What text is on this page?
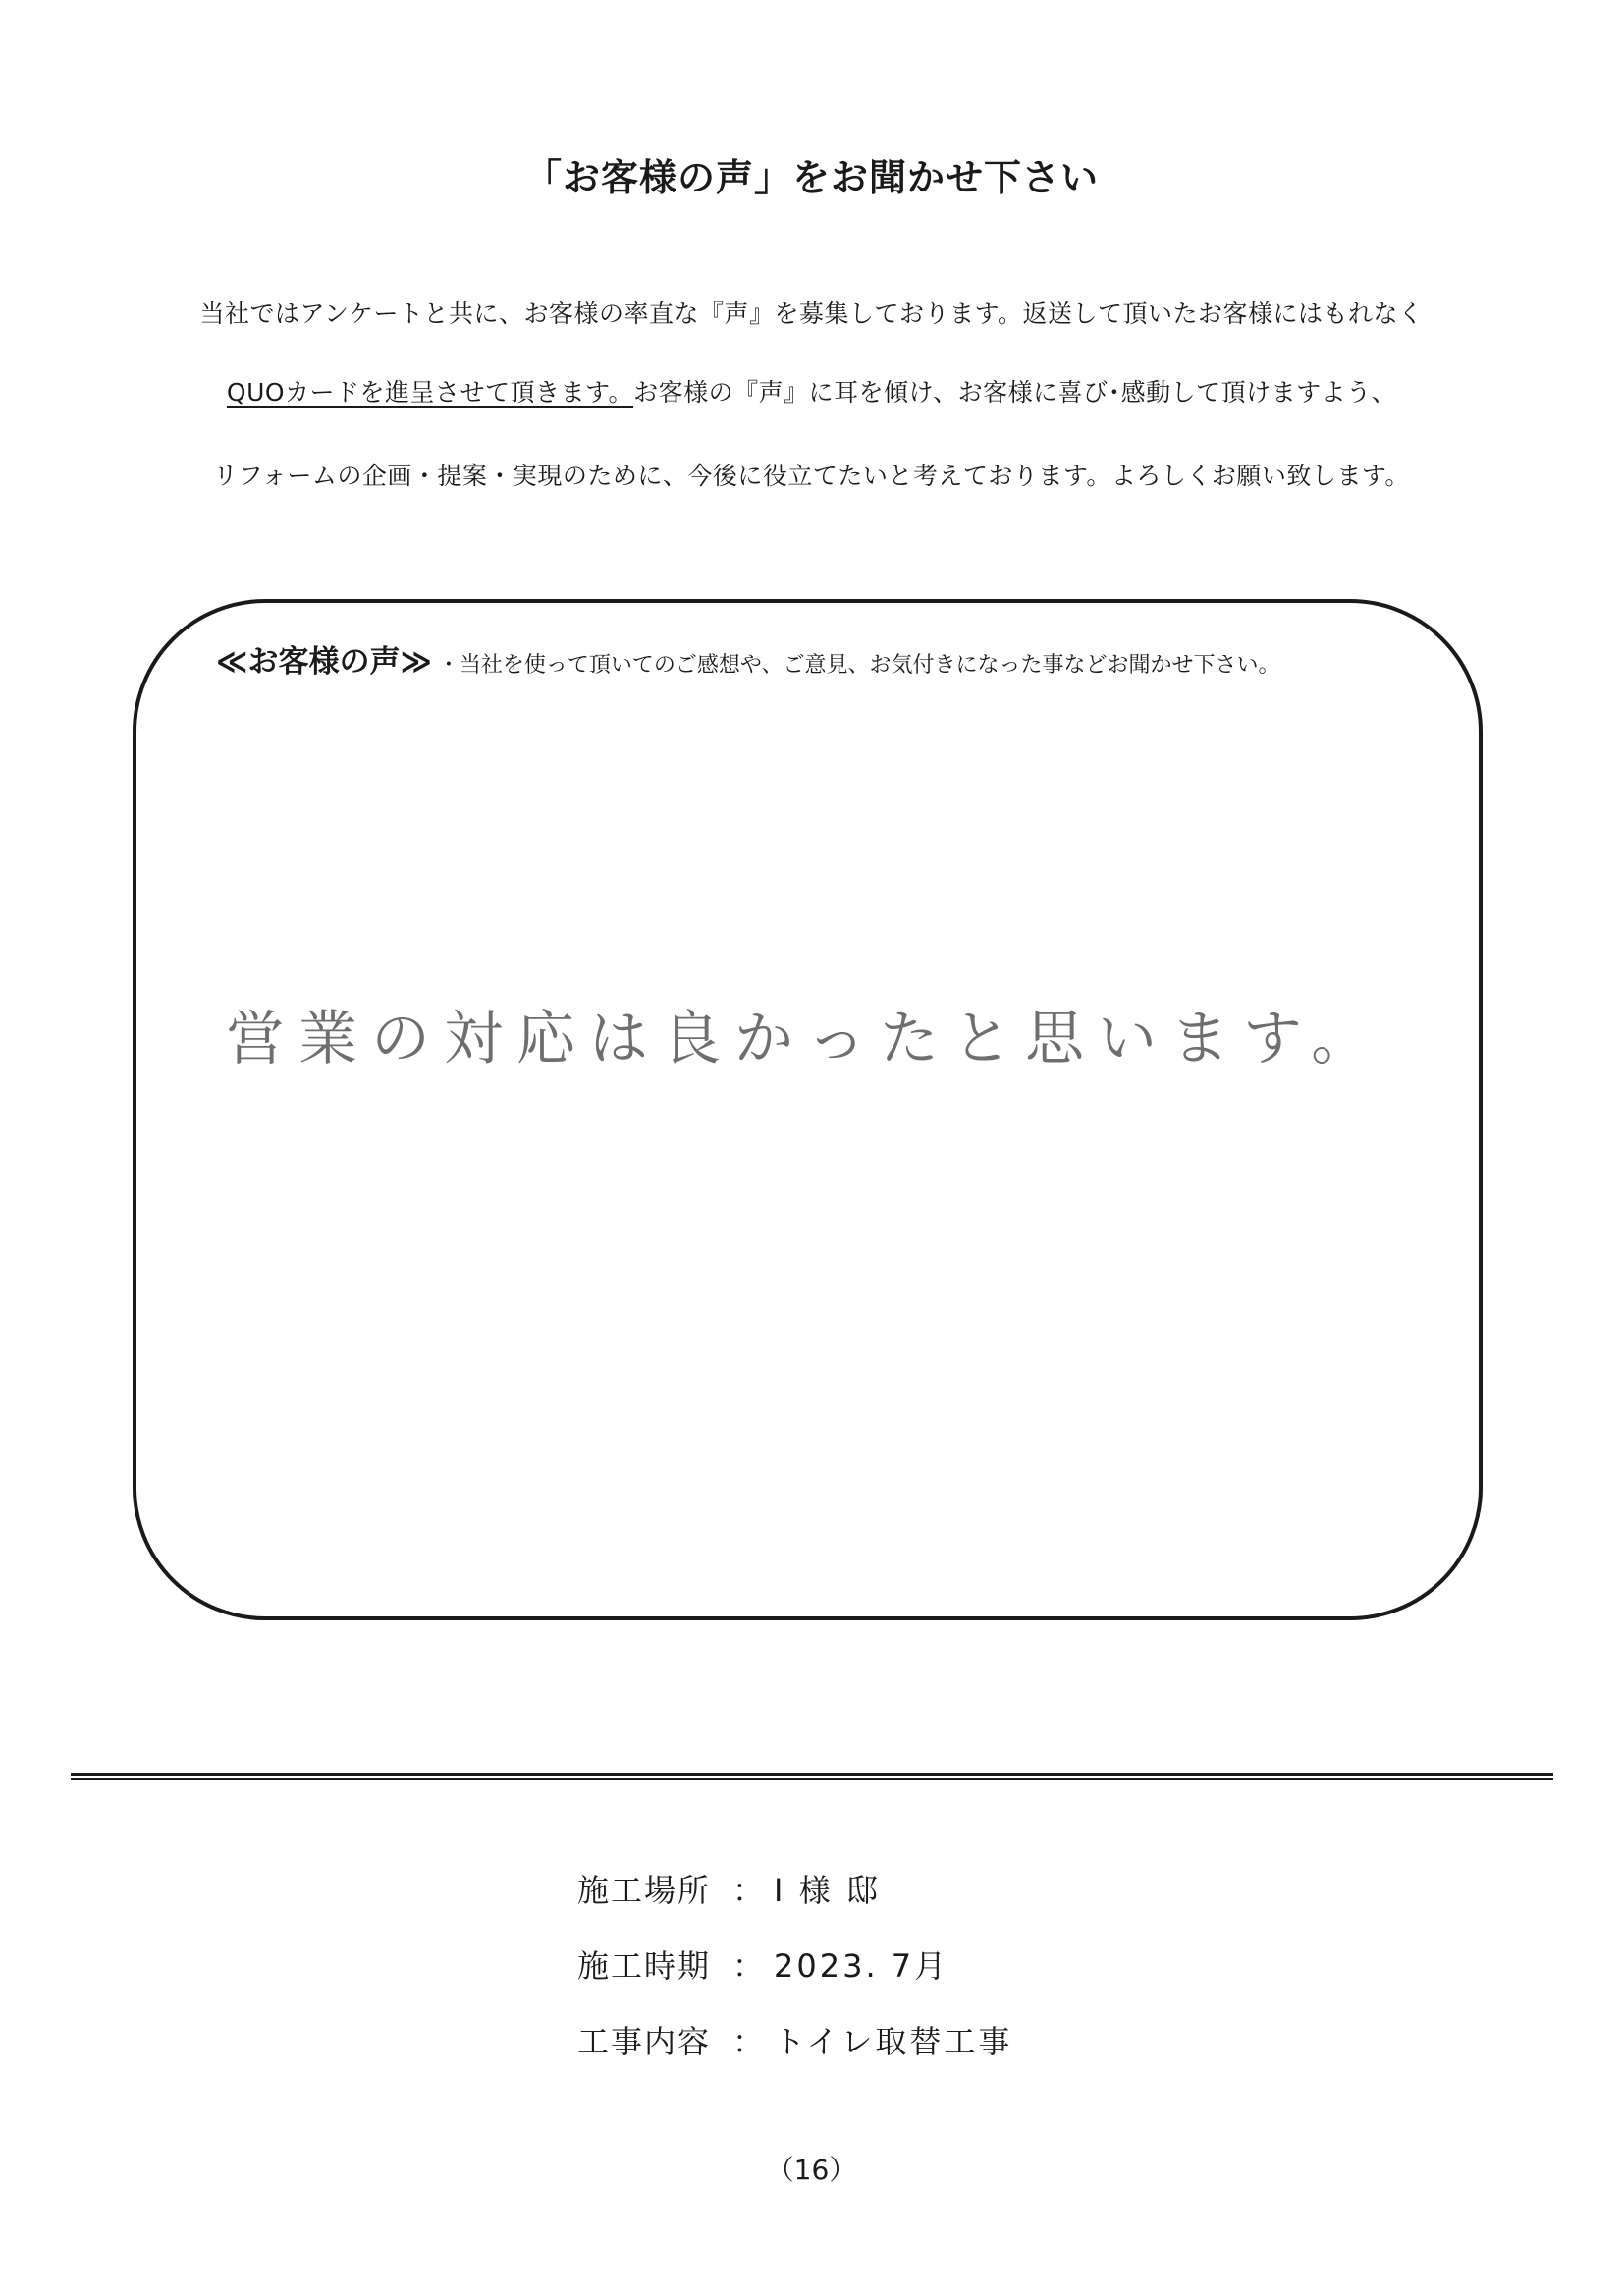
「お客様の声」をお聞かせ下さい
当社ではアンケートと共に、お客様の率直な『声』を募集しております。返送して頂いたお客様にはもれなく
QUOカードを進呈させて頂きます。お客様の『声』に耳を傾け、お客様に喜び･感動して頂けますよう、
リフォームの企画・提案・実現のために、今後に役立てたいと考えております。よろしくお願い致します。
≪お客様の声≫ ・当社を使って頂いてのご感想や、ご意見、お気付きになった事などお聞かせ下さい。
営業の対応は良かったと思います。
施工場所 ： I 様 邸
施工時期 ： 2023. 7月
工事内容 ： トイレ取替工事
（16）
